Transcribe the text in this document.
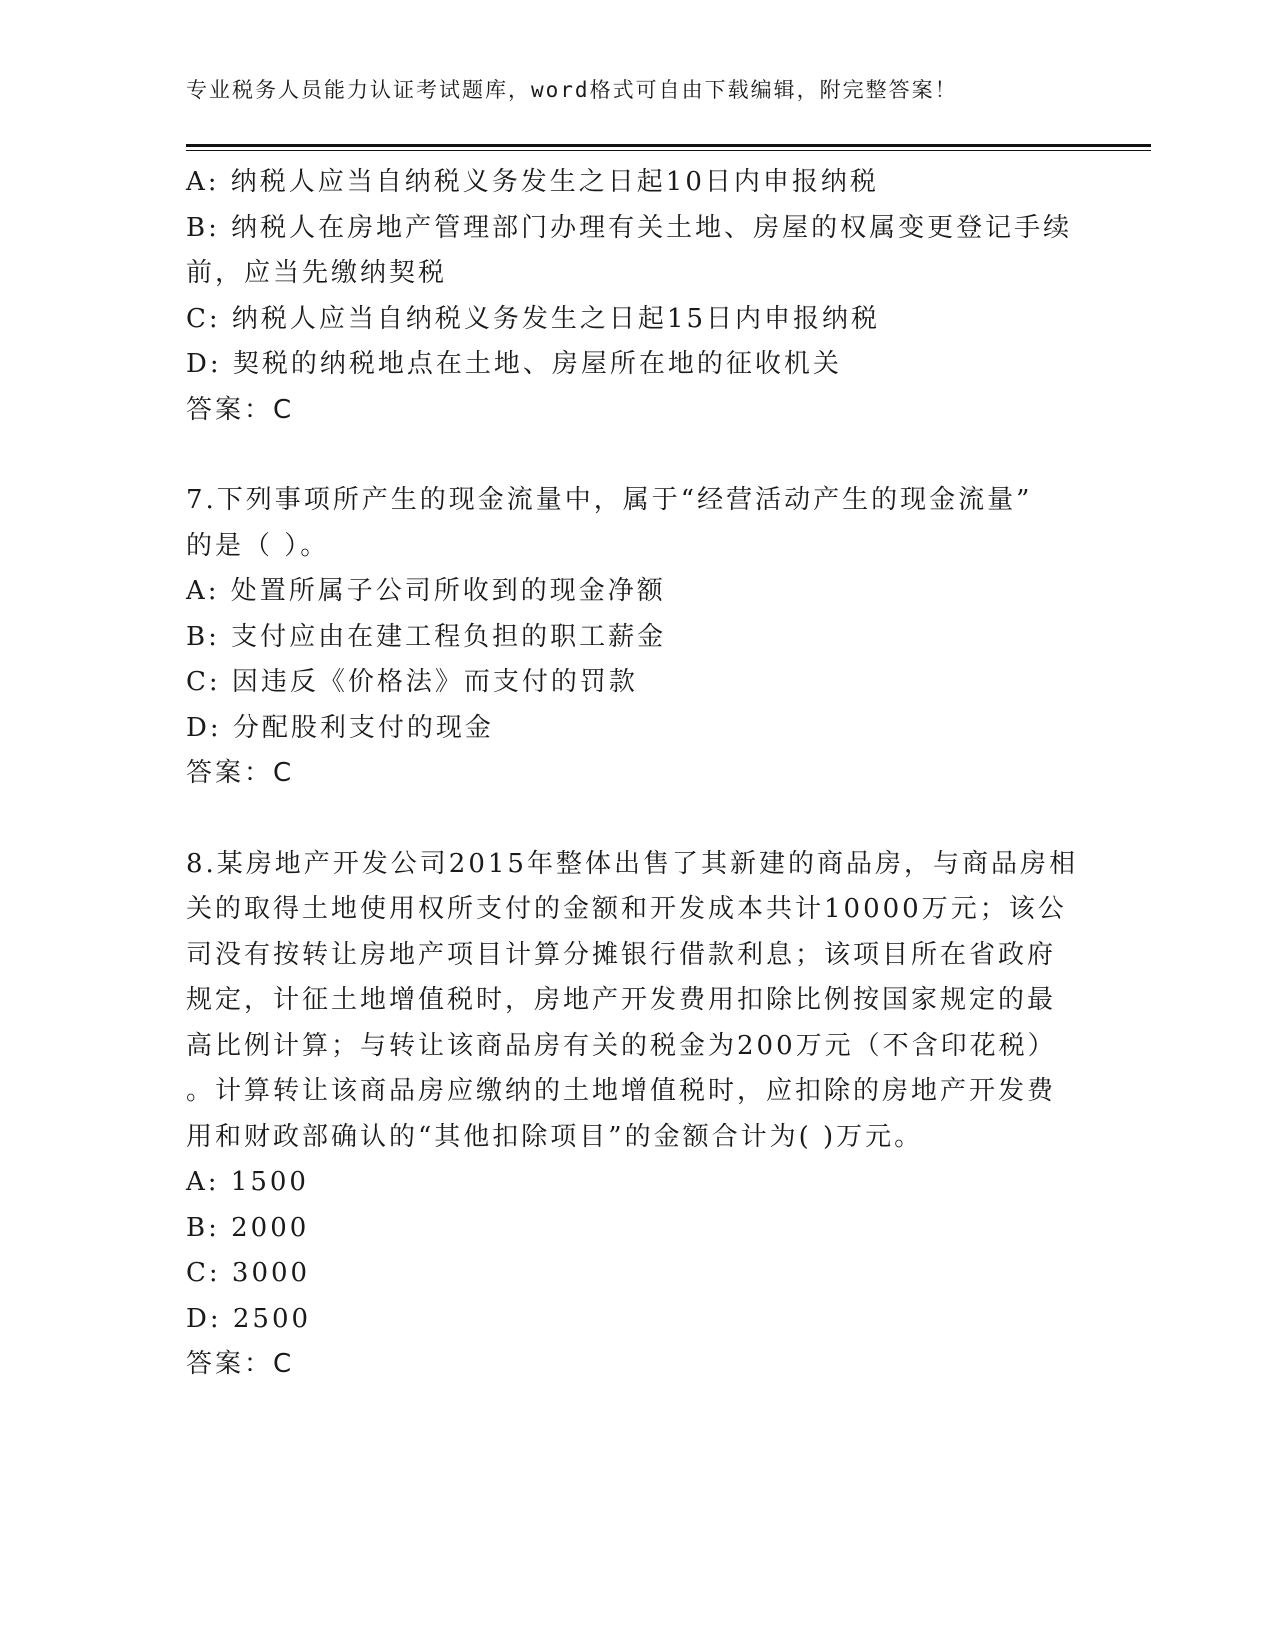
专业税务人员能力认证考试题库，word格式可自由下载编辑，附完整答案！
A: 纳税人应当自纳税义务发生之日起10日内申报纳税
B: 纳税人在房地产管理部门办理有关土地、房屋的权属变更登记手续
前，应当先缴纳契税
C: 纳税人应当自纳税义务发生之日起15日内申报纳税
D: 契税的纳税地点在土地、房屋所在地的征收机关
答案：C
7.下列事项所产生的现金流量中，属于“经营活动产生的现金流量”
的是（ ）。
A: 处置所属子公司所收到的现金净额
B: 支付应由在建工程负担的职工薪金
C: 因违反《价格法》而支付的罚款
D: 分配股利支付的现金
答案：C
8.某房地产开发公司2015年整体出售了其新建的商品房，与商品房相
关的取得土地使用权所支付的金额和开发成本共计10000万元；该公
司没有按转让房地产项目计算分摊银行借款利息；该项目所在省政府
规定，计征土地增值税时，房地产开发费用扣除比例按国家规定的最
高比例计算；与转让该商品房有关的税金为200万元（不含印花税）
。计算转让该商品房应缴纳的土地增值税时，应扣除的房地产开发费
用和财政部确认的“其他扣除项目”的金额合计为( )万元。
A: 1500
B: 2000
C: 3000
D: 2500
答案：C
